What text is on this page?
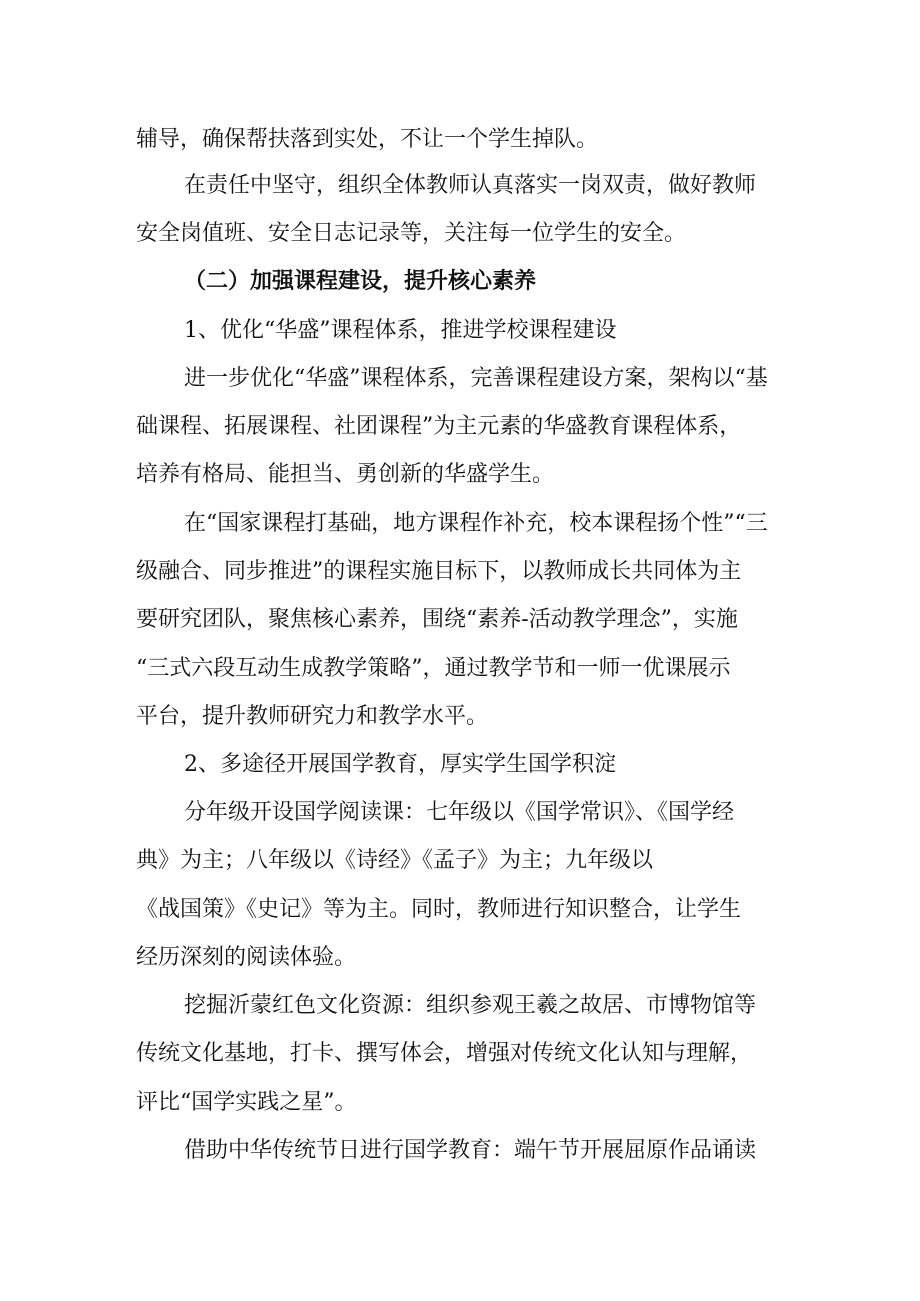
辅导，确保帮扶落到实处，不让一个学生掉队。
在责任中坚守，组织全体教师认真落实一岗双责，做好教师
安全岗值班、安全日志记录等，关注每一位学生的安全。
（二）加强课程建设，提升核心素养
1、优化“华盛”课程体系，推进学校课程建设
进一步优化“华盛”课程体系，完善课程建设方案，架构以“基
础课程、拓展课程、社团课程”为主元素的华盛教育课程体系，
培养有格局、能担当、勇创新的华盛学生。
在“国家课程打基础，地方课程作补充，校本课程扬个性”“三
级融合、同步推进”的课程实施目标下，以教师成长共同体为主
要研究团队，聚焦核心素养，围绕“素养-活动教学理念”，实施
“三式六段互动生成教学策略”，通过教学节和一师一优课展示
平台，提升教师研究力和教学水平。
2、多途径开展国学教育，厚实学生国学积淀
分年级开设国学阅读课：七年级以《国学常识》、《国学经
典》为主；八年级以《诗经》《孟子》为主；九年级以
《战国策》《史记》等为主。同时，教师进行知识整合，让学生
经历深刻的阅读体验。
挖掘沂蒙红色文化资源：组织参观王羲之故居、市博物馆等
传统文化基地，打卡、撰写体会，增强对传统文化认知与理解，
评比“国学实践之星”。
借助中华传统节日进行国学教育：端午节开展屈原作品诵读
